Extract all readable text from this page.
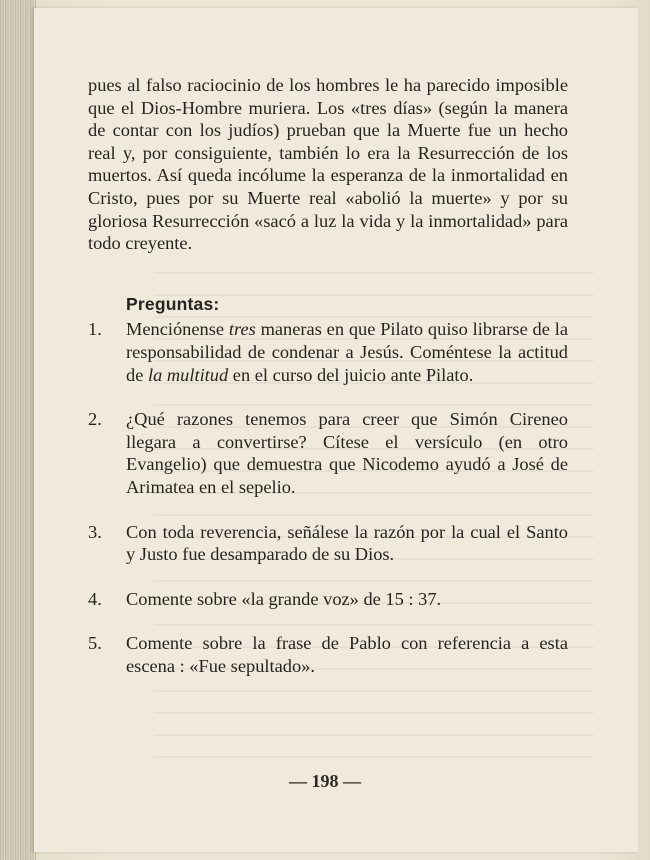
pues al falso raciocinio de los hombres le ha parecido imposible que el Dios-Hombre muriera. Los «tres días» (según la manera de contar con los judíos) prueban que la Muerte fue un hecho real y, por consiguiente, también lo era la Resurrección de los muertos. Así queda incólume la esperanza de la inmortalidad en Cristo, pues por su Muerte real «abolió la muerte» y por su gloriosa Resurrección «sacó a luz la vida y la inmortalidad» para todo creyente.

Preguntas:
1.	Menciónense tres maneras en que Pilato quiso librarse de la responsabilidad de condenar a Jesús. Coméntese la actitud de la multitud en el curso del juicio ante Pilato.
2.	¿Qué razones tenemos para creer que Simón Cireneo llegara a convertirse? Cítese el versículo (en otro Evangelio) que demuestra que Nicodemo ayudó a José de Arimatea en el sepelio.
3.	Con toda reverencia, señálese la razón por la cual el Santo y Justo fue desamparado de su Dios.
4.	Comente sobre «la grande voz» de 15 : 37.
5.	Comente sobre la frase de Pablo con referencia a esta escena : «Fue sepultado».
— 198 —
